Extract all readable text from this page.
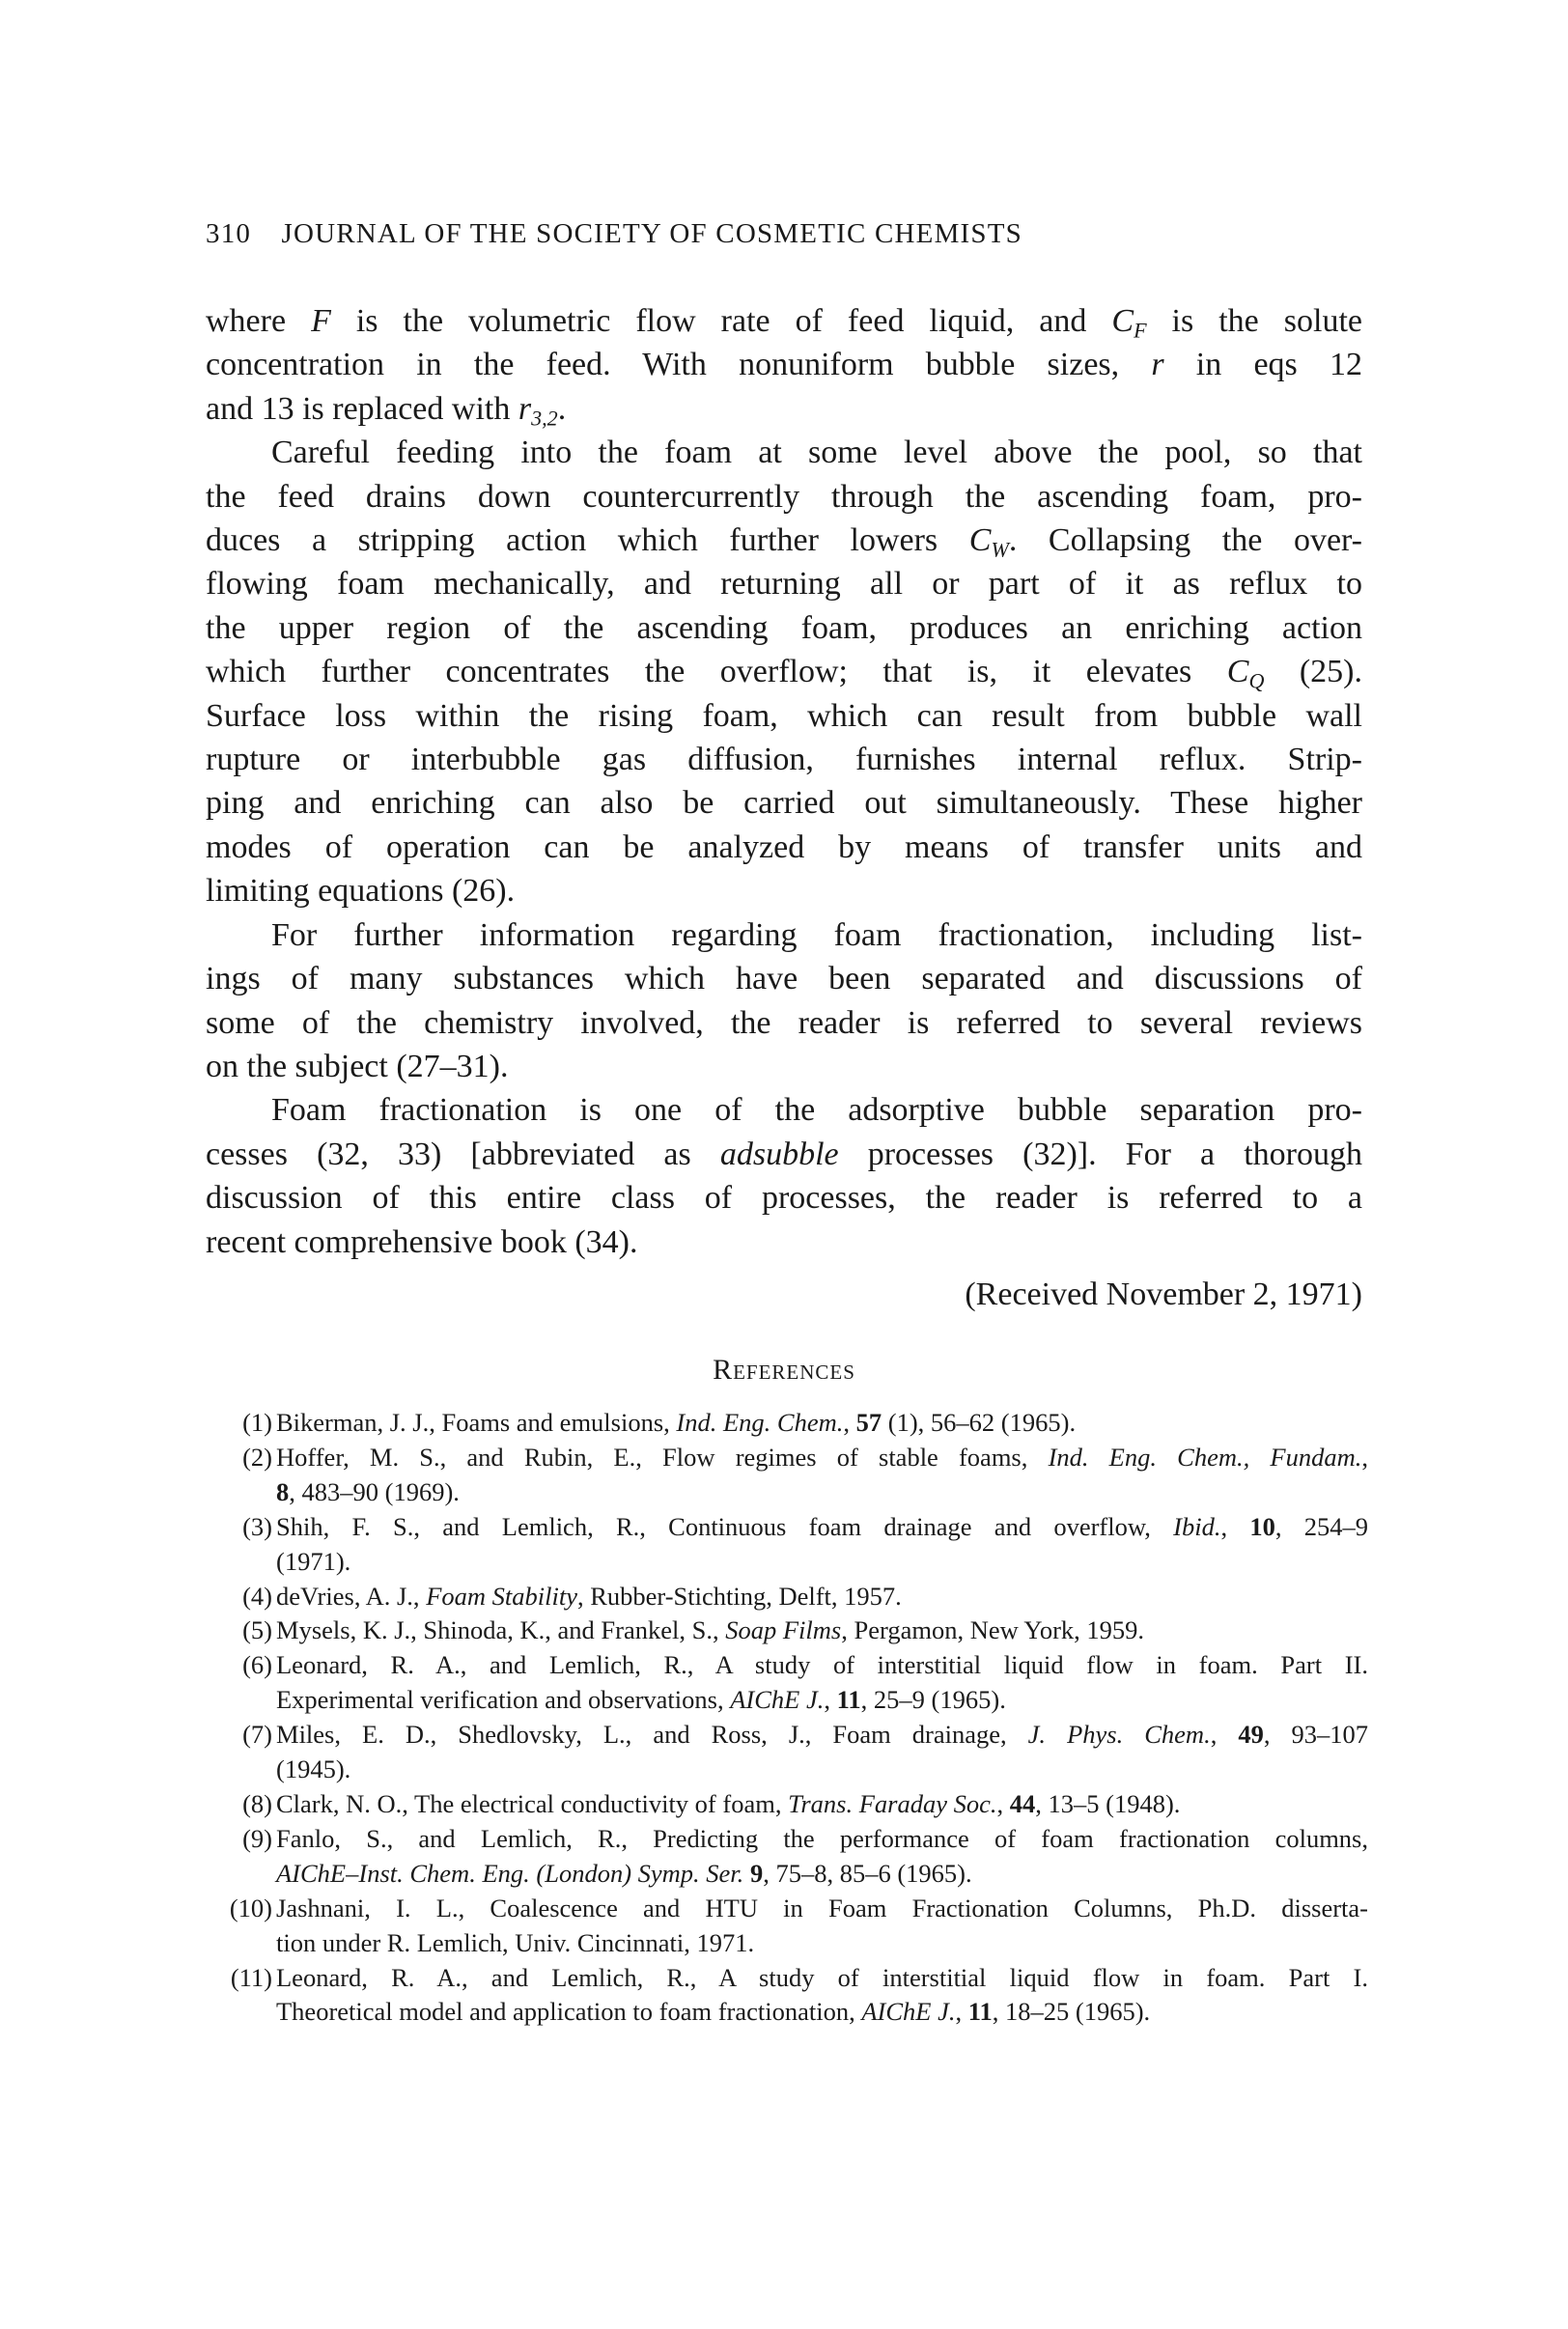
310 JOURNAL OF THE SOCIETY OF COSMETIC CHEMISTS
where F is the volumetric flow rate of feed liquid, and $C_F$ is the solute
concentration in the feed. With nonuniform bubble sizes, r in eqs 12
and 13 is replaced with $r_{3,2}$.
Careful feeding into the foam at some level above the pool, so that
the feed drains down countercurrently through the ascending foam, pro-
duces a stripping action which further lowers $C_W$. Collapsing the over-
flowing foam mechanically, and returning all or part of it as reflux to
the upper region of the ascending foam, produces an enriching action
which further concentrates the overflow; that is, it elevates $C_Q$ (25).
Surface loss within the rising foam, which can result from bubble wall
rupture or interbubble gas diffusion, furnishes internal reflux. Strip-
ping and enriching can also be carried out simultaneously. These higher
modes of operation can be analyzed by means of transfer units and
limiting equations (26).
For further information regarding foam fractionation, including list-
ings of many substances which have been separated and discussions of
some of the chemistry involved, the reader is referred to several reviews
on the subject (27–31).
Foam fractionation is one of the adsorptive bubble separation pro-
cesses (32, 33) [abbreviated as adsubble processes (32)]. For a thorough
discussion of this entire class of processes, the reader is referred to a
recent comprehensive book (34).
(Received November 2, 1971)
References
(1) Bikerman, J. J., Foams and emulsions, Ind. Eng. Chem., 57 (1), 56–62 (1965).
(2) Hoffer, M. S., and Rubin, E., Flow regimes of stable foams, Ind. Eng. Chem., Fundam.,
8, 483–90 (1969).
(3) Shih, F. S., and Lemlich, R., Continuous foam drainage and overflow, Ibid., 10, 254–9
(1971).
(4) deVries, A. J., Foam Stability, Rubber-Stichting, Delft, 1957.
(5) Mysels, K. J., Shinoda, K., and Frankel, S., Soap Films, Pergamon, New York, 1959.
(6) Leonard, R. A., and Lemlich, R., A study of interstitial liquid flow in foam. Part II.
Experimental verification and observations, AIChE J., 11, 25–9 (1965).
(7) Miles, E. D., Shedlovsky, L., and Ross, J., Foam drainage, J. Phys. Chem., 49, 93–107
(1945).
(8) Clark, N. O., The electrical conductivity of foam, Trans. Faraday Soc., 44, 13–5 (1948).
(9) Fanlo, S., and Lemlich, R., Predicting the performance of foam fractionation columns,
AIChE–Inst. Chem. Eng. (London) Symp. Ser. 9, 75–8, 85–6 (1965).
(10) Jashnani, I. L., Coalescence and HTU in Foam Fractionation Columns, Ph.D. disserta-
tion under R. Lemlich, Univ. Cincinnati, 1971.
(11) Leonard, R. A., and Lemlich, R., A study of interstitial liquid flow in foam. Part I.
Theoretical model and application to foam fractionation, AIChE J., 11, 18–25 (1965).
